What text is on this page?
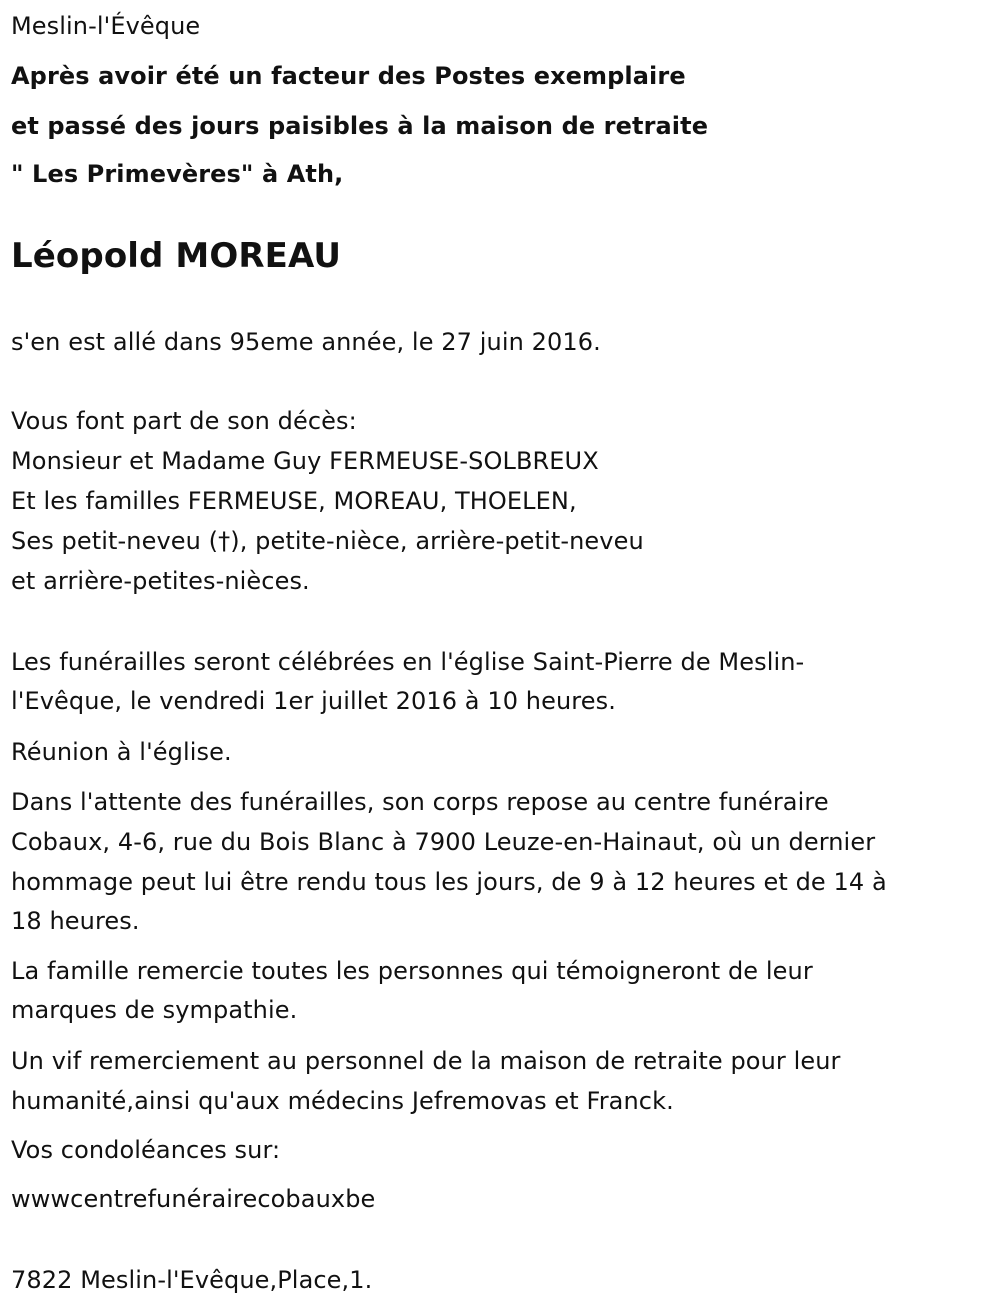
Meslin-l'Évêque
Après avoir été un facteur des Postes exemplaire
et passé des jours paisibles à la maison de retraite
" Les Primevères" à Ath,
Léopold MOREAU
s'en est allé dans 95eme année, le 27 juin 2016.
Vous font part de son décès:
Monsieur et Madame Guy FERMEUSE-SOLBREUX
Et les familles FERMEUSE, MOREAU, THOELEN,
Ses petit-neveu (†), petite-nièce, arrière-petit-neveu
et arrière-petites-nièces.
Les funérailles seront célébrées en l'église Saint-Pierre de Meslin-
l'Evêque, le vendredi 1er juillet 2016 à 10 heures.
Réunion à l'église.
Dans l'attente des funérailles, son corps repose au centre funéraire
Cobaux, 4-6, rue du Bois Blanc à 7900 Leuze-en-Hainaut, où un dernier
hommage peut lui être rendu tous les jours, de 9 à 12 heures et de 14 à
18 heures.
La famille remercie toutes les personnes qui témoigneront de leur
marques de sympathie.
Un vif remerciement au personnel de la maison de retraite pour leur
humanité,ainsi qu'aux médecins Jefremovas et Franck.
Vos condoléances sur:
wwwcentrefunérairecobauxbe
7822 Meslin-l'Evêque,Place,1.
